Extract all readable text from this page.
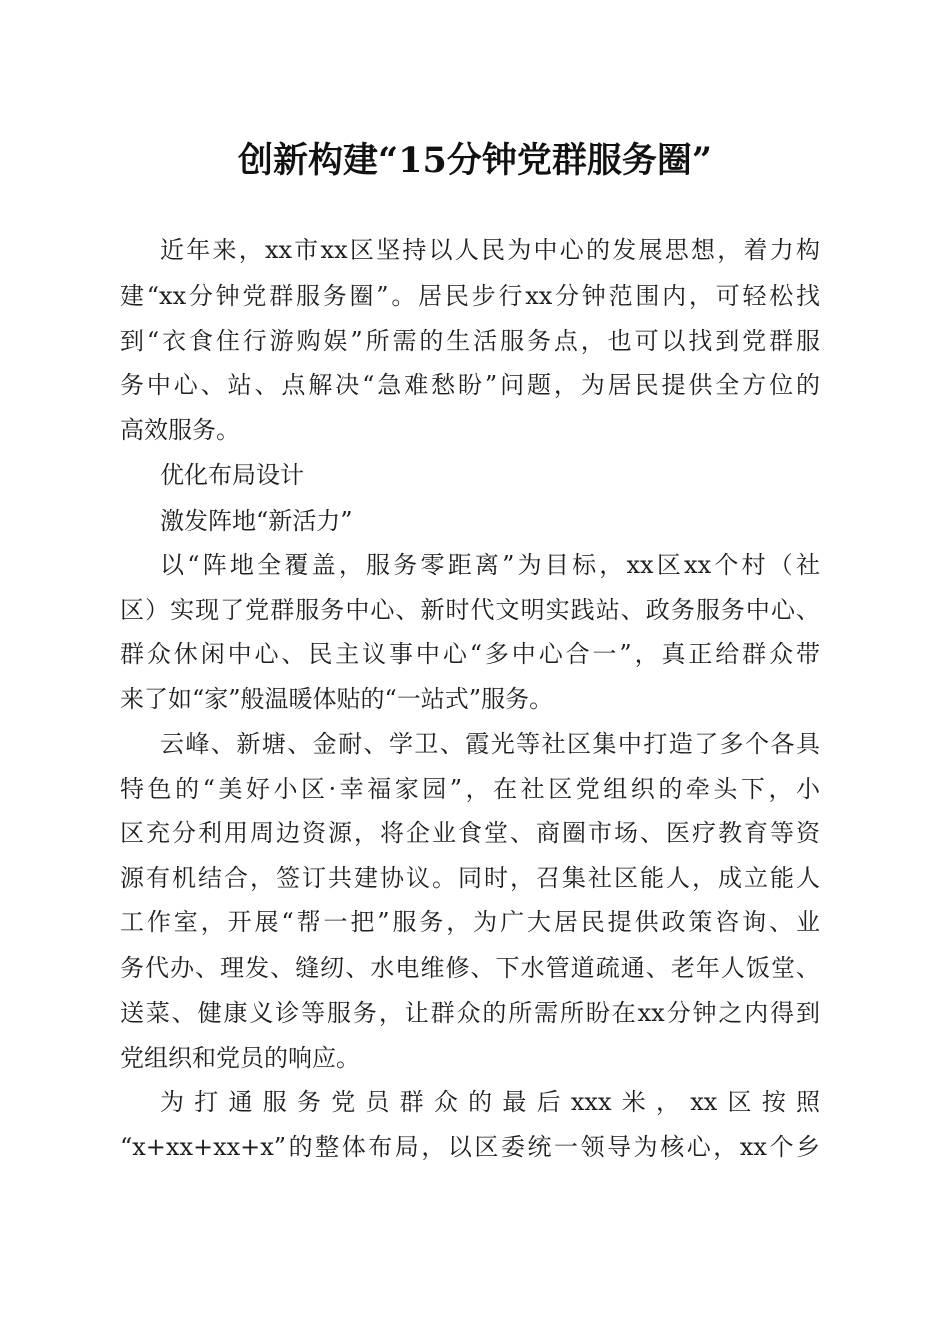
创新构建“15分钟党群服务圈”
近年来，xx市xx区坚持以人民为中心的发展思想，着力构
建“xx分钟党群服务圈”。居民步行xx分钟范围内，可轻松找
到“衣食住行游购娱”所需的生活服务点，也可以找到党群服
务中心、站、点解决“急难愁盼”问题，为居民提供全方位的
高效服务。
优化布局设计
激发阵地“新活力”
以“阵地全覆盖，服务零距离”为目标，xx区xx个村（社
区）实现了党群服务中心、新时代文明实践站、政务服务中心、
群众休闲中心、民主议事中心“多中心合一”，真正给群众带
来了如“家”般温暖体贴的“一站式”服务。
云峰、新塘、金耐、学卫、霞光等社区集中打造了多个各具
特色的“美好小区·幸福家园”，在社区党组织的牵头下，小
区充分利用周边资源，将企业食堂、商圈市场、医疗教育等资
源有机结合，签订共建协议。同时，召集社区能人，成立能人
工作室，开展“帮一把”服务，为广大居民提供政策咨询、业
务代办、理发、缝纫、水电维修、下水管道疏通、老年人饭堂、
送菜、健康义诊等服务，让群众的所需所盼在xx分钟之内得到
党组织和党员的响应。
为打通服务党员群众的最后xxx米，xx区按照
“x+xx+xx+x”的整体布局，以区委统一领导为核心，xx个乡
